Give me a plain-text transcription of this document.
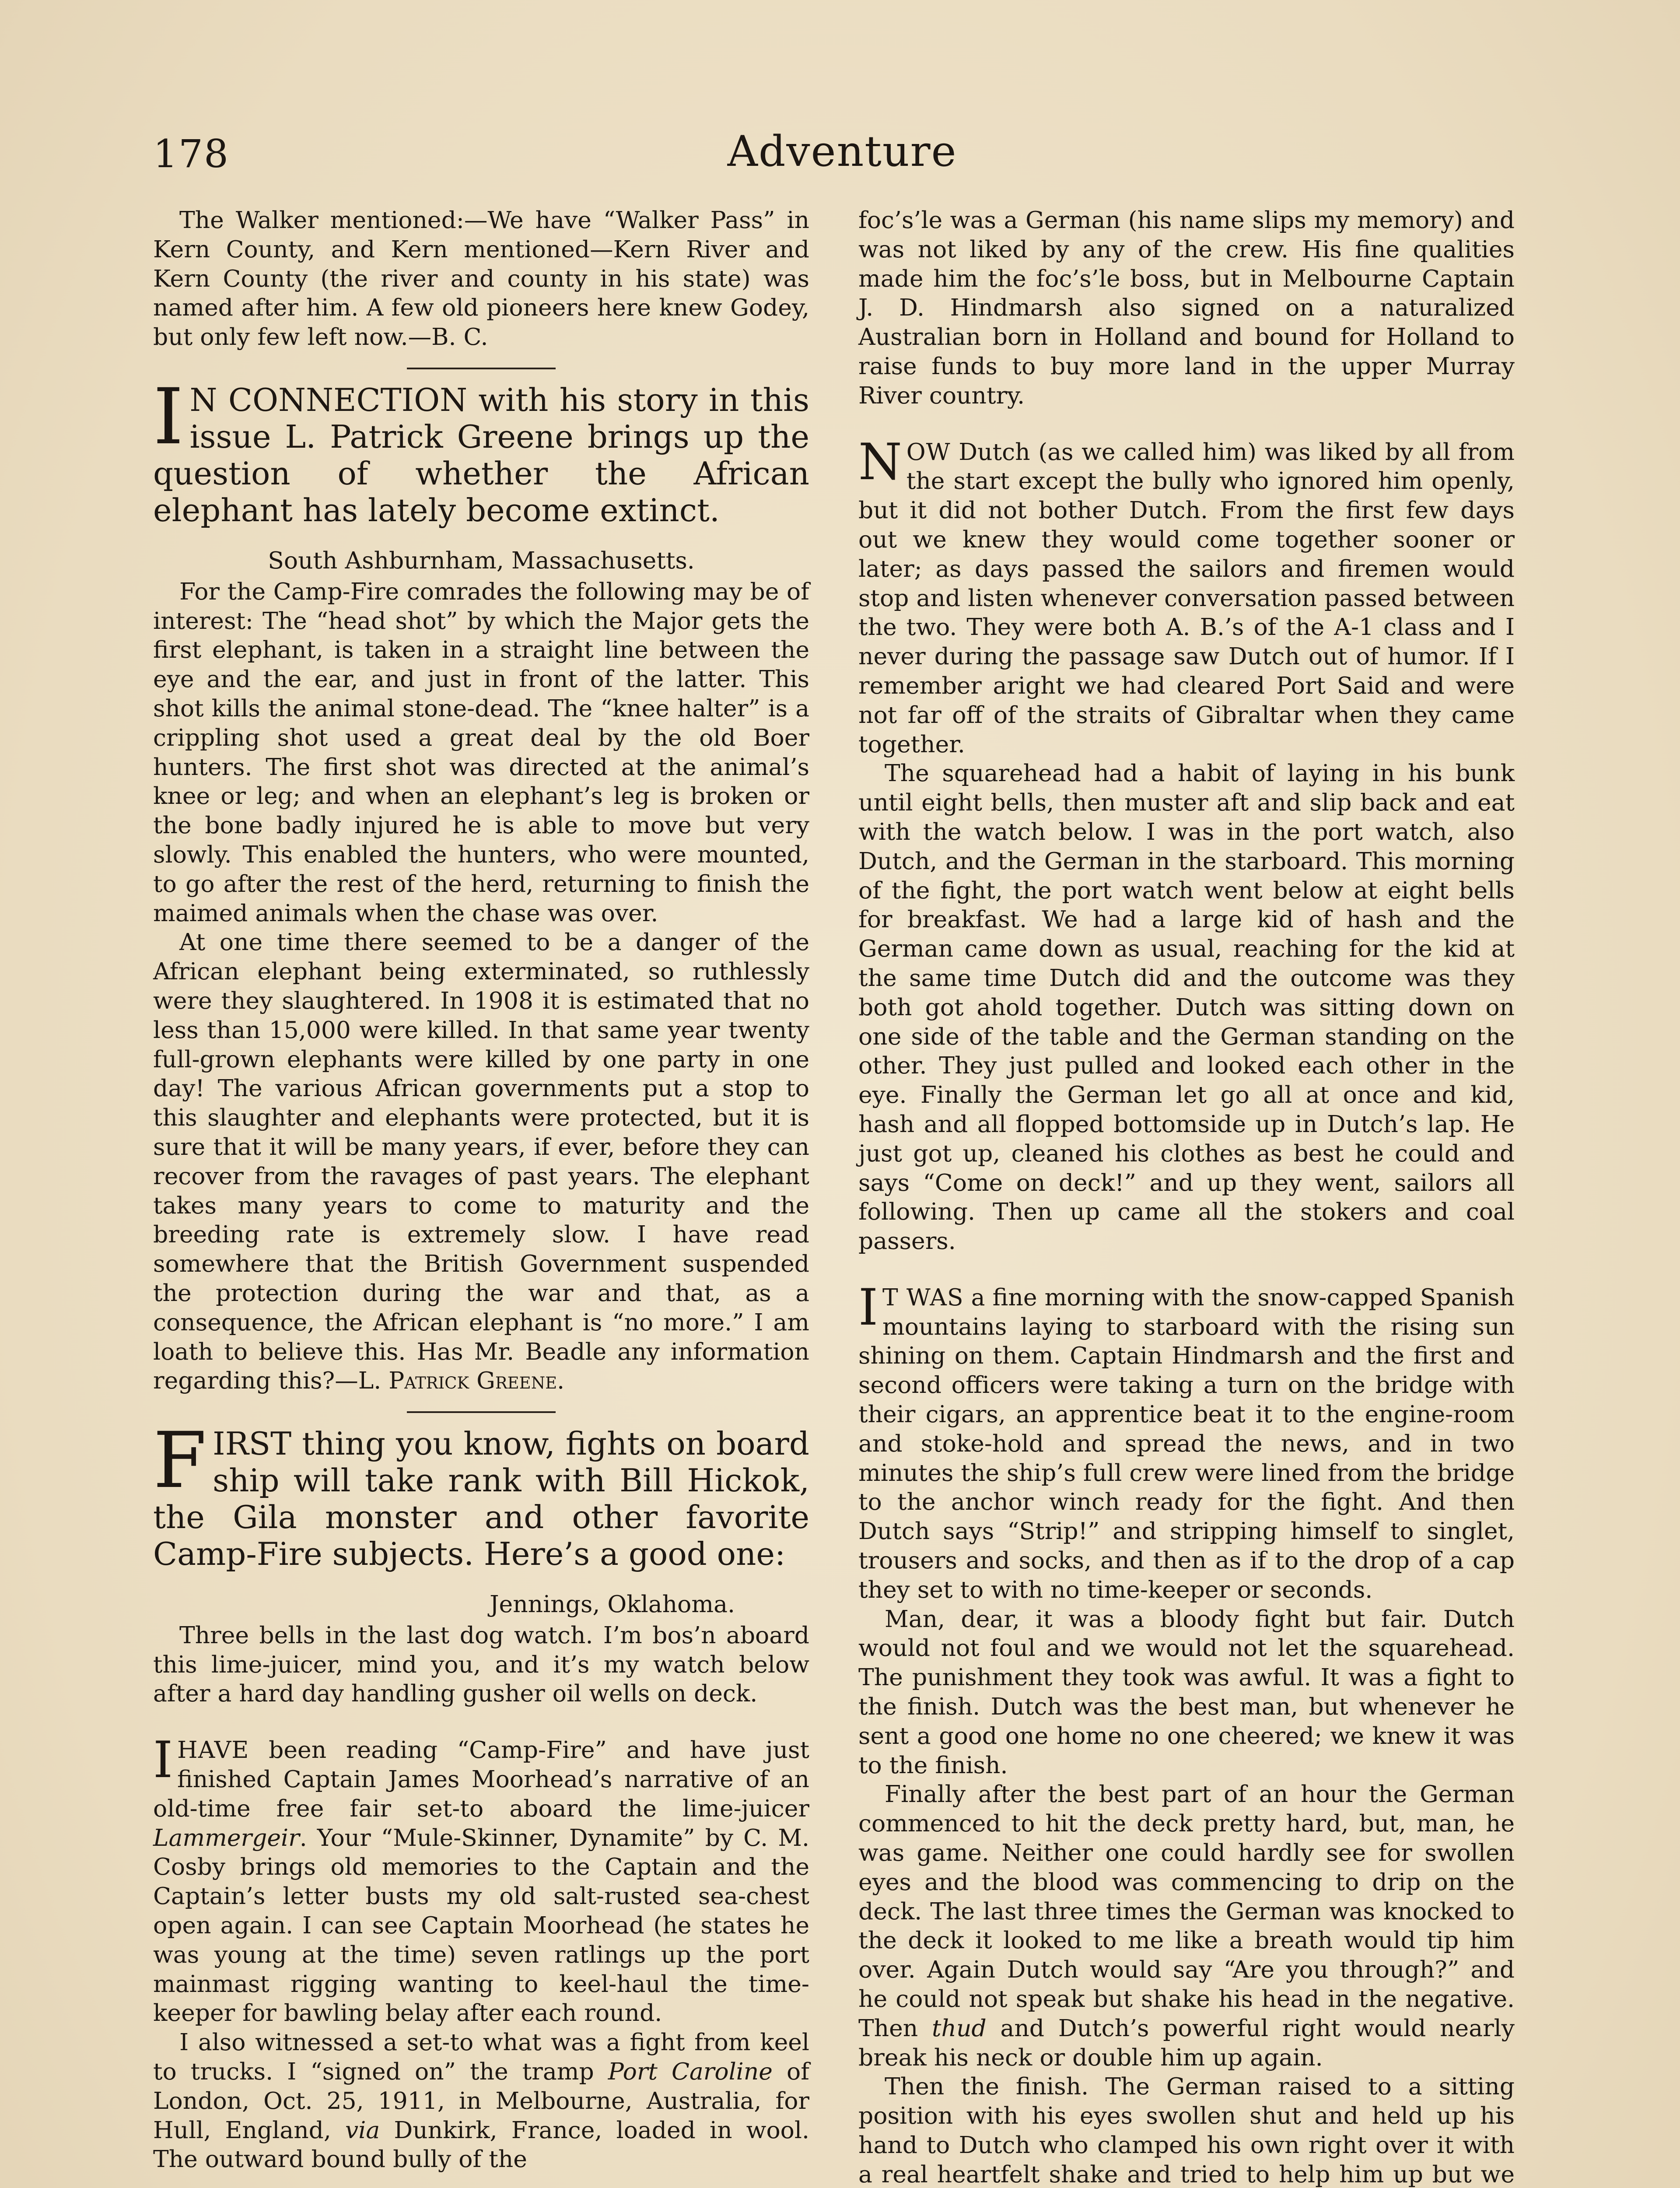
178	Adventure

The Walker mentioned:—We have “Walker Pass” in Kern County, and Kern mentioned—Kern River and Kern County (the river and county in his state) was named after him. A few old pioneers here knew Godey, but only few left now.—B. C.

I N CONNECTION with his story in this issue L. Patrick Greene brings up the question of whether the African elephant has lately become extinct.

South Ashburnham, Massachusetts.

For the Camp-Fire comrades the following may be of interest: The “head shot” by which the Major gets the first elephant, is taken in a straight line between the eye and the ear, and just in front of the latter. This shot kills the animal stone-dead. The “knee halter” is a crippling shot used a great deal by the old Boer hunters. The first shot was directed at the animal’s knee or leg; and when an elephant’s leg is broken or the bone badly injured he is able to move but very slowly. This enabled the hunters, who were mounted, to go after the rest of the herd, returning to finish the maimed animals when the chase was over.

At one time there seemed to be a danger of the African elephant being exterminated, so ruthlessly were they slaughtered. In 1908 it is estimated that no less than 15,000 were killed. In that same year twenty full-grown elephants were killed by one party in one day! The various African governments put a stop to this slaughter and elephants were protected, but it is sure that it will be many years, if ever, before they can recover from the ravages of past years. The elephant takes many years to come to maturity and the breeding rate is extremely slow. I have read somewhere that the British Government suspended the protection during the war and that, as a consequence, the African elephant is “no more.” I am loath to believe this. Has Mr. Beadle any information regarding this?—L. Patrick Greene.

FIRST thing you know, fights on board ship will take rank with Bill Hickok, the Gila monster and other favorite Camp-Fire subjects. Here’s a good one:

Jennings, Oklahoma.

Three bells in the last dog watch. I’m bos’n aboard this lime-juicer, mind you, and it’s my watch below after a hard day handling gusher oil wells on deck.

IHAVE been reading “Camp-Fire” and have just finished Captain James Moorhead’s narrative of an old-time free fair set-to aboard the lime-juicer Lammergeir. Your “Mule-Skinner, Dynamite” by C. M. Cosby brings old memories to the Captain and the Captain’s letter busts my old salt-rusted sea-chest open again. I can see Captain Moorhead (he states he was young at the time) seven ratlings up the port mainmast rigging wanting to keel-haul the time-keeper for bawling belay after each round.

I also witnessed a set-to what was a fight from keel to trucks. I “signed on” the tramp Port Caroline of London, Oct. 25, 1911, in Melbourne, Australia, for Hull, England, via Dunkirk, France, loaded in wool. The outward bound bully of the

foc’s’le was a German (his name slips my memory) and was not liked by any of the crew. His fine qualities made him the foc’s’le boss, but in Melbourne Captain J. D. Hindmarsh also signed on a naturalized Australian born in Holland and bound for Holland to raise funds to buy more land in the upper Murray River country.

NOW Dutch (as we called him) was liked by all from the start except the bully who ignored him openly, but it did not bother Dutch. From the first few days out we knew they would come together sooner or later; as days passed the sailors and firemen would stop and listen whenever conversation passed between the two. They were both A. B.’s of the A-1 class and I never during the passage saw Dutch out of humor. If I remember aright we had cleared Port Said and were not far off of the straits of Gibraltar when they came together.

The squarehead had a habit of laying in his bunk until eight bells, then muster aft and slip back and eat with the watch below. I was in the port watch, also Dutch, and the German in the starboard. This morning of the fight, the port watch went below at eight bells for breakfast. We had a large kid of hash and the German came down as usual, reaching for the kid at the same time Dutch did and the outcome was they both got ahold together. Dutch was sitting down on one side of the table and the German standing on the other. They just pulled and looked each other in the eye. Finally the German let go all at once and kid, hash and all flopped bottomside up in Dutch’s lap. He just got up, cleaned his clothes as best he could and says “Come on deck!” and up they went, sailors all following. Then up came all the stokers and coal passers.

I T WAS a fine morning with the snow-capped Spanish mountains laying to starboard with the rising sun shining on them. Captain Hindmarsh and the first and second officers were taking a turn on the bridge with their cigars, an apprentice beat it to the engine-room and stoke-hold and spread the news, and in two minutes the ship’s full crew were lined from the bridge to the anchor winch ready for the fight. And then Dutch says “Strip!” and stripping himself to singlet, trousers and socks, and then as if to the drop of a cap they set to with no time-keeper or seconds.

Man, dear, it was a bloody fight but fair. Dutch would not foul and we would not let the squarehead. The punishment they took was awful. It was a fight to the finish. Dutch was the best man, but whenever he sent a good one home no one cheered; we knew it was to the finish.

Finally after the best part of an hour the German commenced to hit the deck pretty hard, but, man, he was game. Neither one could hardly see for swollen eyes and the blood was commencing to drip on the deck. The last three times the German was knocked to the deck it looked to me like a breath would tip him over. Again Dutch would say “Are you through?” and he could not speak but shake his head in the negative. Then thud and Dutch’s powerful right would nearly break his neck or double him up again.

Then the finish. The German raised to a sitting position with his eyes swollen shut and held up his hand to Dutch who clamped his own right over it with a real heartfelt shake and tried to help him up but we
